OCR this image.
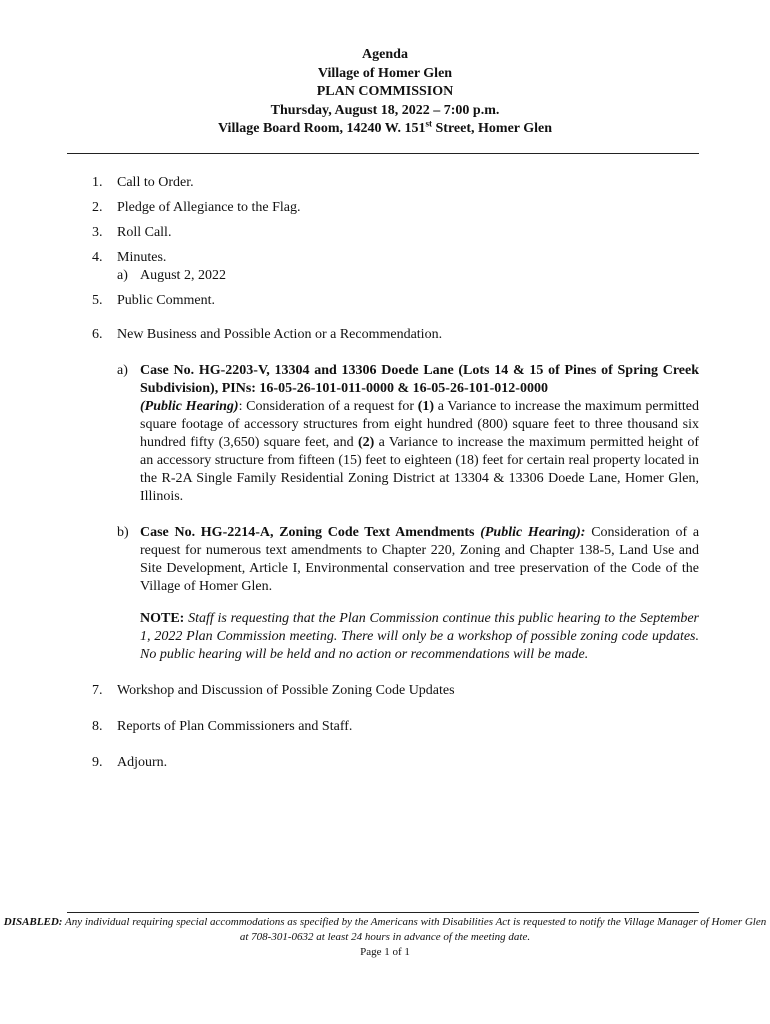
Agenda
Village of Homer Glen
PLAN COMMISSION
Thursday, August 18, 2022 – 7:00 p.m.
Village Board Room, 14240 W. 151st Street, Homer Glen
1. Call to Order.
2. Pledge of Allegiance to the Flag.
3. Roll Call.
4. Minutes.
a) August 2, 2022
5. Public Comment.
6. New Business and Possible Action or a Recommendation.
a) Case No. HG-2203-V, 13304 and 13306 Doede Lane (Lots 14 & 15 of Pines of Spring Creek Subdivision), PINs: 16-05-26-101-011-0000 & 16-05-26-101-012-0000
(Public Hearing): Consideration of a request for (1) a Variance to increase the maximum permitted square footage of accessory structures from eight hundred (800) square feet to three thousand six hundred fifty (3,650) square feet, and (2) a Variance to increase the maximum permitted height of an accessory structure from fifteen (15) feet to eighteen (18) feet for certain real property located in the R-2A Single Family Residential Zoning District at 13304 & 13306 Doede Lane, Homer Glen, Illinois.
b) Case No. HG-2214-A, Zoning Code Text Amendments (Public Hearing): Consideration of a request for numerous text amendments to Chapter 220, Zoning and Chapter 138-5, Land Use and Site Development, Article I, Environmental conservation and tree preservation of the Code of the Village of Homer Glen.
NOTE: Staff is requesting that the Plan Commission continue this public hearing to the September 1, 2022 Plan Commission meeting. There will only be a workshop of possible zoning code updates. No public hearing will be held and no action or recommendations will be made.
7. Workshop and Discussion of Possible Zoning Code Updates
8. Reports of Plan Commissioners and Staff.
9. Adjourn.
DISABLED: Any individual requiring special accommodations as specified by the Americans with Disabilities Act is requested to notify the Village Manager of Homer Glen at 708-301-0632 at least 24 hours in advance of the meeting date.
Page 1 of 1
